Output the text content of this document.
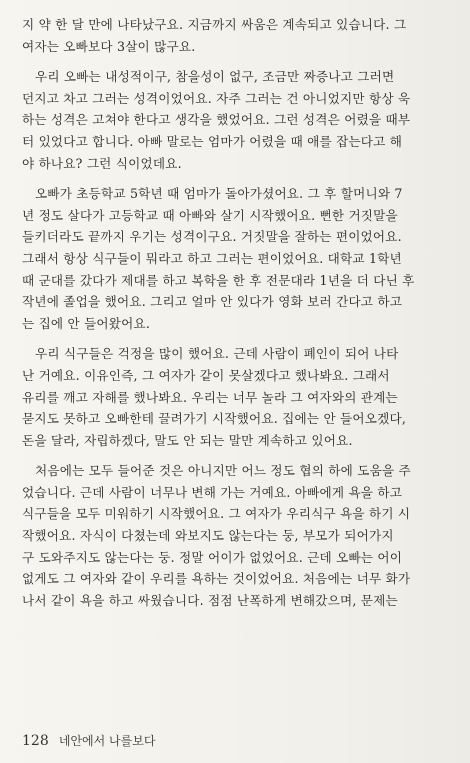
지 약 한 달 만에 나타났구요. 지금까지 싸움은 계속되고 있습니다. 그
여자는 오빠보다 3살이 많구요.
우리 오빠는 내성적이구, 참을성이 없구, 조금만 짜증나고 그러면
던지고 차고 그러는 성격이었어요. 자주 그러는 건 아니었지만 항상 욱
하는 성격은 고쳐야 한다고 생각을 했었어요. 그런 성격은 어렸을 때부
터 있었다고 합니다. 아빠 말로는 엄마가 어렸을 때 애를 잡는다고 해
야 하나요? 그런 식이었데요.
오빠가 초등학교 5학년 때 엄마가 돌아가셨어요. 그 후 할머니와 7
년 정도 살다가 고등학교 때 아빠와 살기 시작했어요. 뻔한 거짓말을
들키더라도 끝까지 우기는 성격이구요. 거짓말을 잘하는 편이었어요.
그래서 항상 식구들이 뭐라고 하고 그러는 편이었어요. 대학교 1학년
때 군대를 갔다가 제대를 하고 복학을 한 후 전문대라 1년을 더 다닌 후
작년에 졸업을 했어요. 그리고 얼마 안 있다가 영화 보러 간다고 하고
는 집에 안 들어왔어요.
우리 식구들은 걱정을 많이 했어요. 근데 사람이 폐인이 되어 나타
난 거예요. 이유인즉, 그 여자가 같이 못살겠다고 했나봐요. 그래서
유리를 깨고 자해를 했나봐요. 우리는 너무 놀라 그 여자와의 관계는
묻지도 못하고 오빠한테 끌려가기 시작했어요. 집에는 안 들어오겠다,
돈을 달라, 자립하겠다, 말도 안 되는 말만 계속하고 있어요.
처음에는 모두 들어준 것은 아니지만 어느 정도 협의 하에 도움을 주
었습니다. 근데 사람이 너무나 변해 가는 거예요. 아빠에게 욕을 하고
식구들을 모두 미워하기 시작했어요. 그 여자가 우리식구 욕을 하기 시
작했어요. 자식이 다쳤는데 와보지도 않는다는 둥, 부모가 되어가지
구 도와주지도 않는다는 둥. 정말 어이가 없었어요. 근데 오빠는 어이
없게도 그 여자와 같이 우리를 욕하는 것이었어요. 처음에는 너무 화가
나서 같이 욕을 하고 싸웠습니다. 점점 난폭하게 변해갔으며, 문제는
128 네안에서 나를보다
